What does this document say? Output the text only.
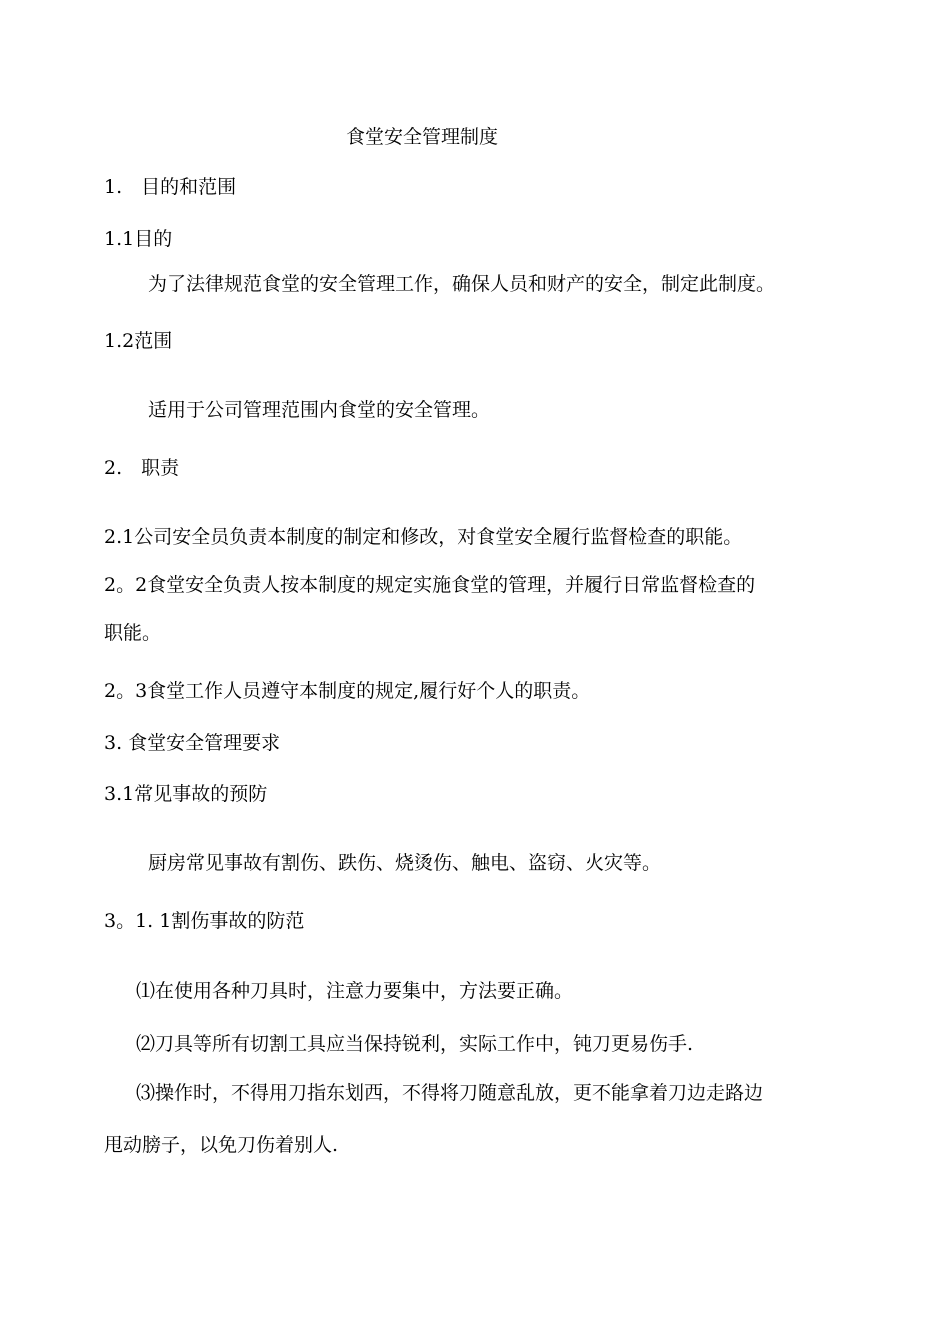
食堂安全管理制度
1.　目的和范围
1.1目的
为了法律规范食堂的安全管理工作，确保人员和财产的安全，制定此制度。
1.2范围
适用于公司管理范围内食堂的安全管理。
2.　职责
2.1公司安全员负责本制度的制定和修改，对食堂安全履行监督检查的职能。
2。2食堂安全负责人按本制度的规定实施食堂的管理，并履行日常监督检查的
职能。
2。3食堂工作人员遵守本制度的规定,履行好个人的职责。
3. 食堂安全管理要求
3.1常见事故的预防
厨房常见事故有割伤、跌伤、烧烫伤、触电、盗窃、火灾等。
3。1. 1割伤事故的防范
⑴在使用各种刀具时，注意力要集中，方法要正确。
⑵刀具等所有切割工具应当保持锐利，实际工作中，钝刀更易伤手.
⑶操作时，不得用刀指东划西，不得将刀随意乱放，更不能拿着刀边走路边
甩动膀子，以免刀伤着别人.
